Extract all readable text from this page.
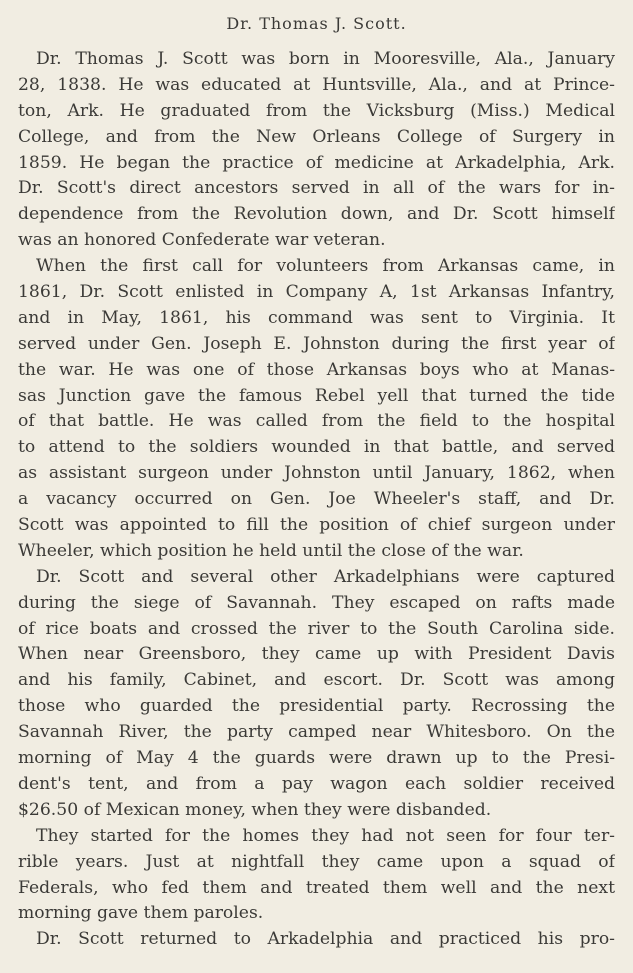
Dr. Thomas J. Scott.
Dr. Thomas J. Scott was born in Mooresville, Ala., January
28, 1838. He was educated at Huntsville, Ala., and at Prince-
ton, Ark. He graduated from the Vicksburg (Miss.) Medical
College, and from the New Orleans College of Surgery in
1859. He began the practice of medicine at Arkadelphia, Ark.
Dr. Scott's direct ancestors served in all of the wars for in-
dependence from the Revolution down, and Dr. Scott himself
was an honored Confederate war veteran.
When the first call for volunteers from Arkansas came, in
1861, Dr. Scott enlisted in Company A, 1st Arkansas Infantry,
and in May, 1861, his command was sent to Virginia. It
served under Gen. Joseph E. Johnston during the first year of
the war. He was one of those Arkansas boys who at Manas-
sas Junction gave the famous Rebel yell that turned the tide
of that battle. He was called from the field to the hospital
to attend to the soldiers wounded in that battle, and served
as assistant surgeon under Johnston until January, 1862, when
a vacancy occurred on Gen. Joe Wheeler's staff, and Dr.
Scott was appointed to fill the position of chief surgeon under
Wheeler, which position he held until the close of the war.
Dr. Scott and several other Arkadelphians were captured
during the siege of Savannah. They escaped on rafts made
of rice boats and crossed the river to the South Carolina side.
When near Greensboro, they came up with President Davis
and his family, Cabinet, and escort. Dr. Scott was among
those who guarded the presidential party. Recrossing the
Savannah River, the party camped near Whitesboro. On the
morning of May 4 the guards were drawn up to the Presi-
dent's tent, and from a pay wagon each soldier received
$26.50 of Mexican money, when they were disbanded.
They started for the homes they had not seen for four ter-
rible years. Just at nightfall they came upon a squad of
Federals, who fed them and treated them well and the next
morning gave them paroles.
Dr. Scott returned to Arkadelphia and practiced his pro-
